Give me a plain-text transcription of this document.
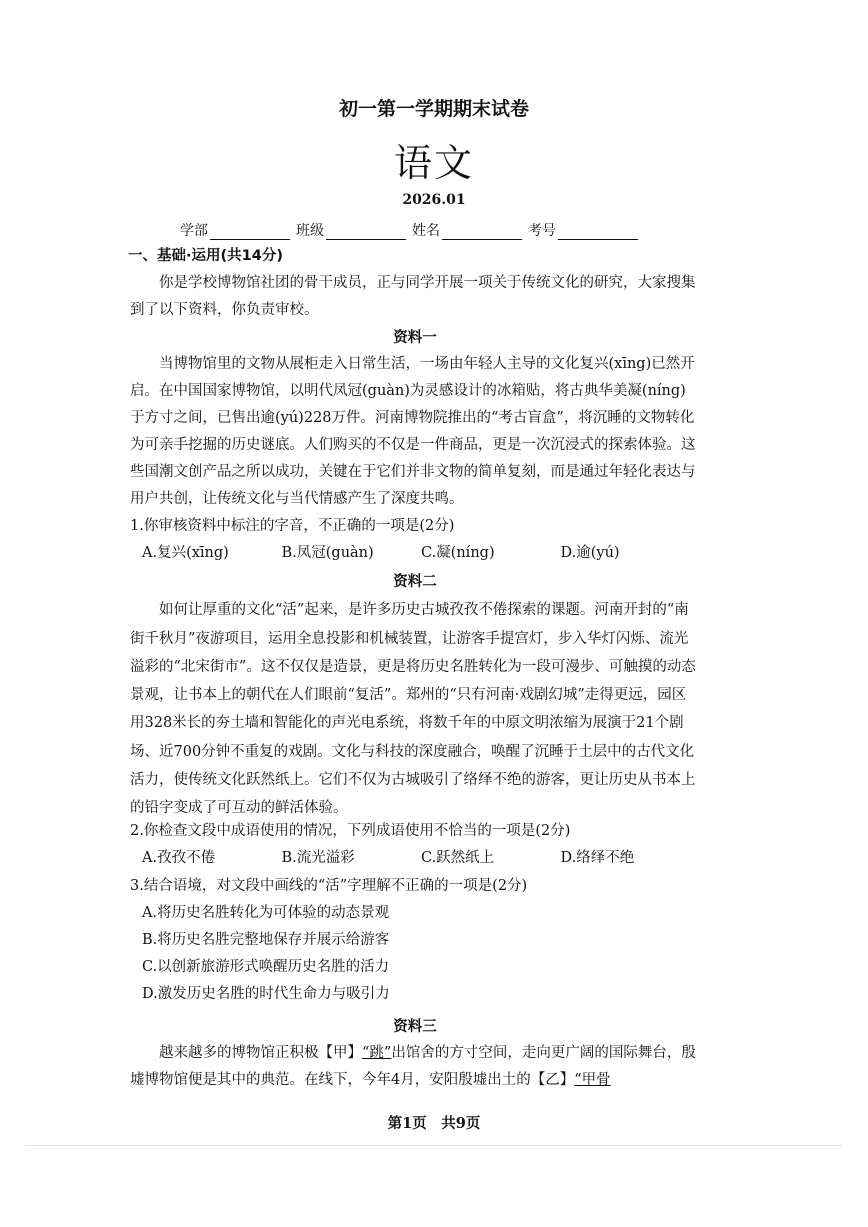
初一第一学期期末试卷
语文
2026.01
学部	班级	姓名	考号

一、基础·运用(共14分)

你是学校博物馆社团的骨干成员，正与同学开展一项关于传统文化的研究，大家搜集到了以下资料，你负责审校。

资料一

当博物馆里的文物从展柜走入日常生活，一场由年轻人主导的文化复兴(xīng)已然开启。在中国国家博物馆，以明代凤冠(guàn)为灵感设计的冰箱贴，将古典华美凝(níng)于方寸之间，已售出逾(yú)228万件。河南博物院推出的“考古盲盒”，将沉睡的文物转化为可亲手挖掘的历史谜底。人们购买的不仅是一件商品，更是一次沉浸式的探索体验。这些国潮文创产品之所以成功，关键在于它们并非文物的简单复刻，而是通过年轻化表达与用户共创，让传统文化与当代情感产生了深度共鸣。

1.你审核资料中标注的字音，不正确的一项是(2分)

A.复兴(xīng)	B.凤冠(guàn)	C.凝(níng)	D.逾(yú)

资料二

如何让厚重的文化“活”起来，是许多历史古城孜孜不倦探索的课题。河南开封的“南街千秋月”夜游项目，运用全息投影和机械装置，让游客手提宫灯，步入华灯闪烁、流光溢彩的“北宋街市”。这不仅仅是造景，更是将历史名胜转化为一段可漫步、可触摸的动态景观，让书本上的朝代在人们眼前“复活”。郑州的“只有河南·戏剧幻城”走得更远，园区用328米长的夯土墙和智能化的声光电系统，将数千年的中原文明浓缩为展演于21个剧场、近700分钟不重复的戏剧。文化与科技的深度融合，唤醒了沉睡于土层中的古代文化活力，使传统文化跃然纸上。它们不仅为古城吸引了络绎不绝的游客，更让历史从书本上的铅字变成了可互动的鲜活体验。

2.你检查文段中成语使用的情况，下列成语使用不恰当的一项是(2分)

A.孜孜不倦	B.流光溢彩	C.跃然纸上	D.络绎不绝

3.结合语境，对文段中画线的“活”字理解不正确的一项是(2分)

A.将历史名胜转化为可体验的动态景观

B.将历史名胜完整地保存并展示给游客

C.以创新旅游形式唤醒历史名胜的活力

D.激发历史名胜的时代生命力与吸引力

资料三

越来越多的博物馆正积极【甲】“跳”出馆舍的方寸空间，走向更广阔的国际舞台，殷墟博物馆便是其中的典范。在线下，今年4月，安阳殷墟出土的【乙】“甲骨

第1页　共9页
